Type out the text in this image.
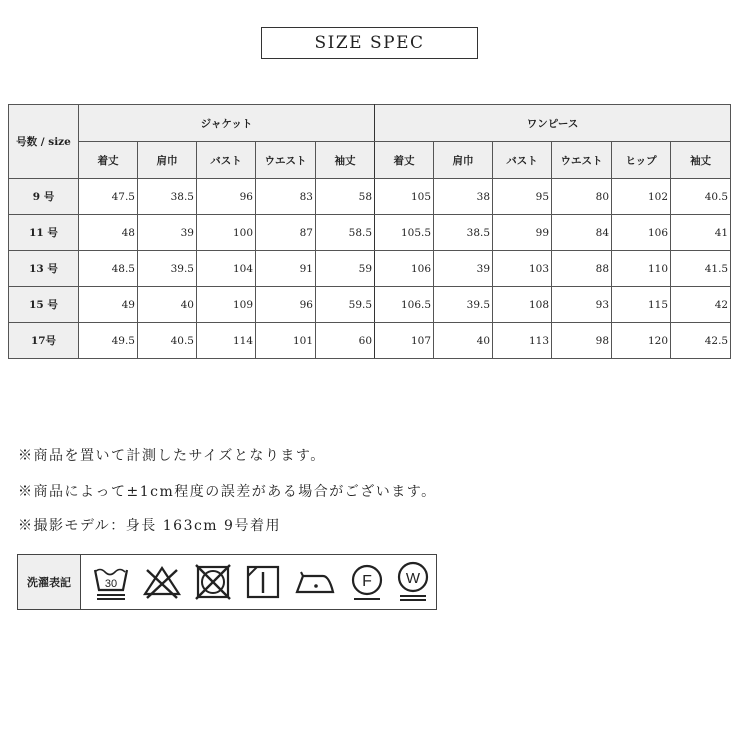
SIZE SPEC
号数 / size	ジャケット					ワンピース					
	着丈	肩巾	バスト	ウエスト	袖丈	着丈	肩巾	バスト	ウエスト	ヒップ	袖丈
9 号	47.5	38.5	96	83	58	105	38	95	80	102	40.5
11 号	48	39	100	87	58.5	105.5	38.5	99	84	106	41
13 号	48.5	39.5	104	91	59	106	39	103	88	110	41.5
15 号	49	40	109	96	59.5	106.5	39.5	108	93	115	42
17号	49.5	40.5	114	101	60	107	40	113	98	120	42.5
※商品を置いて計測したサイズとなります。
※商品によって±1cm程度の誤差がある場合がございます。
※撮影モデル：身長 163cm 9号着用
洗濯表記	30	F W
